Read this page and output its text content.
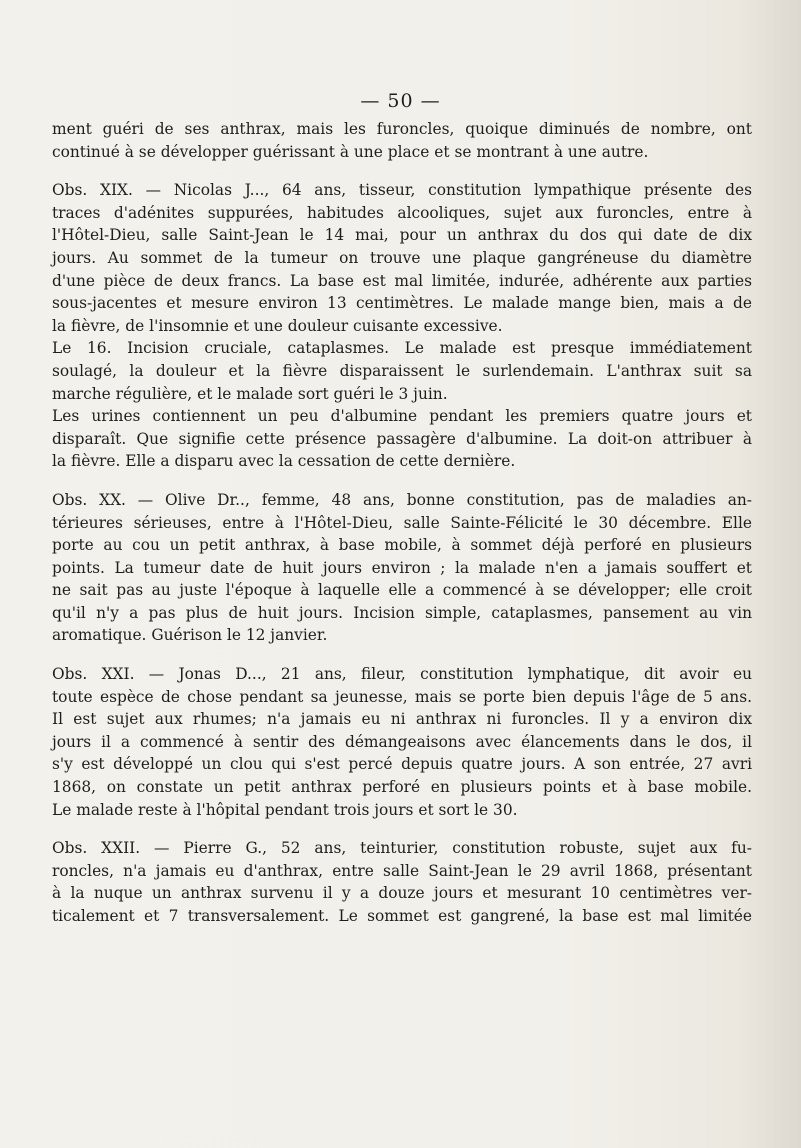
— 50 —

ment guéri de ses anthrax, mais les furoncles, quoique diminués de nombre, ont
continué à se développer guérissant à une place et se montrant à une autre.

Obs. XIX. — Nicolas J..., 64 ans, tisseur, constitution lympathique présente des
traces d'adénites suppurées, habitudes alcooliques, sujet aux furoncles, entre à
l'Hôtel-Dieu, salle Saint-Jean le 14 mai, pour un anthrax du dos qui date de dix
jours. Au sommet de la tumeur on trouve une plaque gangréneuse du diamètre
d'une pièce de deux francs. La base est mal limitée, indurée, adhérente aux parties
sous-jacentes et mesure environ 13 centimètres. Le malade mange bien, mais a de
la fièvre, de l'insomnie et une douleur cuisante excessive.

Le 16. Incision cruciale, cataplasmes. Le malade est presque immédiatement
soulagé, la douleur et la fièvre disparaissent le surlendemain. L'anthrax suit sa
marche régulière, et le malade sort guéri le 3 juin.

Les urines contiennent un peu d'albumine pendant les premiers quatre jours et
disparaît. Que signifie cette présence passagère d'albumine. La doit-on attribuer à
la fièvre. Elle a disparu avec la cessation de cette dernière.

Obs. XX. — Olive Dr.., femme, 48 ans, bonne constitution, pas de maladies an-
térieures sérieuses, entre à l'Hôtel-Dieu, salle Sainte-Félicité le 30 décembre. Elle
porte au cou un petit anthrax, à base mobile, à sommet déjà perforé en plusieurs
points. La tumeur date de huit jours environ ; la malade n'en a jamais souffert et
ne sait pas au juste l'époque à laquelle elle a commencé à se développer; elle croit
qu'il n'y a pas plus de huit jours. Incision simple, cataplasmes, pansement au vin
aromatique. Guérison le 12 janvier.

Obs. XXI. — Jonas D..., 21 ans, fileur, constitution lymphatique, dit avoir eu
toute espèce de chose pendant sa jeunesse, mais se porte bien depuis l'âge de 5 ans.
Il est sujet aux rhumes; n'a jamais eu ni anthrax ni furoncles. Il y a environ dix
jours il a commencé à sentir des démangeaisons avec élancements dans le dos, il
s'y est développé un clou qui s'est percé depuis quatre jours. A son entrée, 27 avri
1868, on constate un petit anthrax perforé en plusieurs points et à base mobile.
Le malade reste à l'hôpital pendant trois jours et sort le 30.

Obs. XXII. — Pierre G., 52 ans, teinturier, constitution robuste, sujet aux fu-
roncles, n'a jamais eu d'anthrax, entre salle Saint-Jean le 29 avril 1868, présentant
à la nuque un anthrax survenu il y a douze jours et mesurant 10 centimètres ver-
ticalement et 7 transversalement. Le sommet est gangrené, la base est mal limitée
